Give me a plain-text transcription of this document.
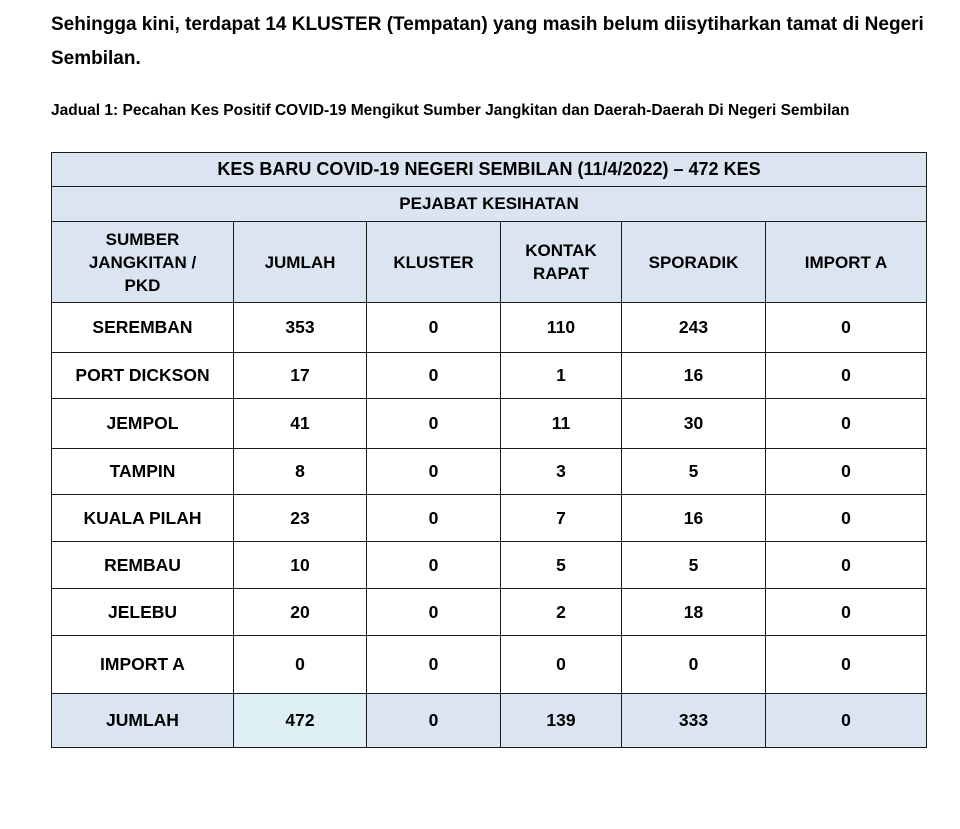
Sehingga kini, terdapat 14 KLUSTER (Tempatan) yang masih belum diisytiharkan tamat di Negeri Sembilan.
Jadual 1: Pecahan Kes Positif COVID-19 Mengikut Sumber Jangkitan dan Daerah-Daerah Di Negeri Sembilan
KES BARU COVID-19 NEGERI SEMBILAN (11/4/2022) – 472 KES					
PEJABAT KESIHATAN					
SUMBER JANGKITAN / PKD	JUMLAH	KLUSTER	KONTAK RAPAT	SPORADIK	IMPORT A
SEREMBAN	353	0	110	243	0
PORT DICKSON	17	0	1	16	0
JEMPOL	41	0	11	30	0
TAMPIN	8	0	3	5	0
KUALA PILAH	23	0	7	16	0
REMBAU	10	0	5	5	0
JELEBU	20	0	2	18	0
IMPORT A	0	0	0	0	0
JUMLAH	472	0	139	333	0
